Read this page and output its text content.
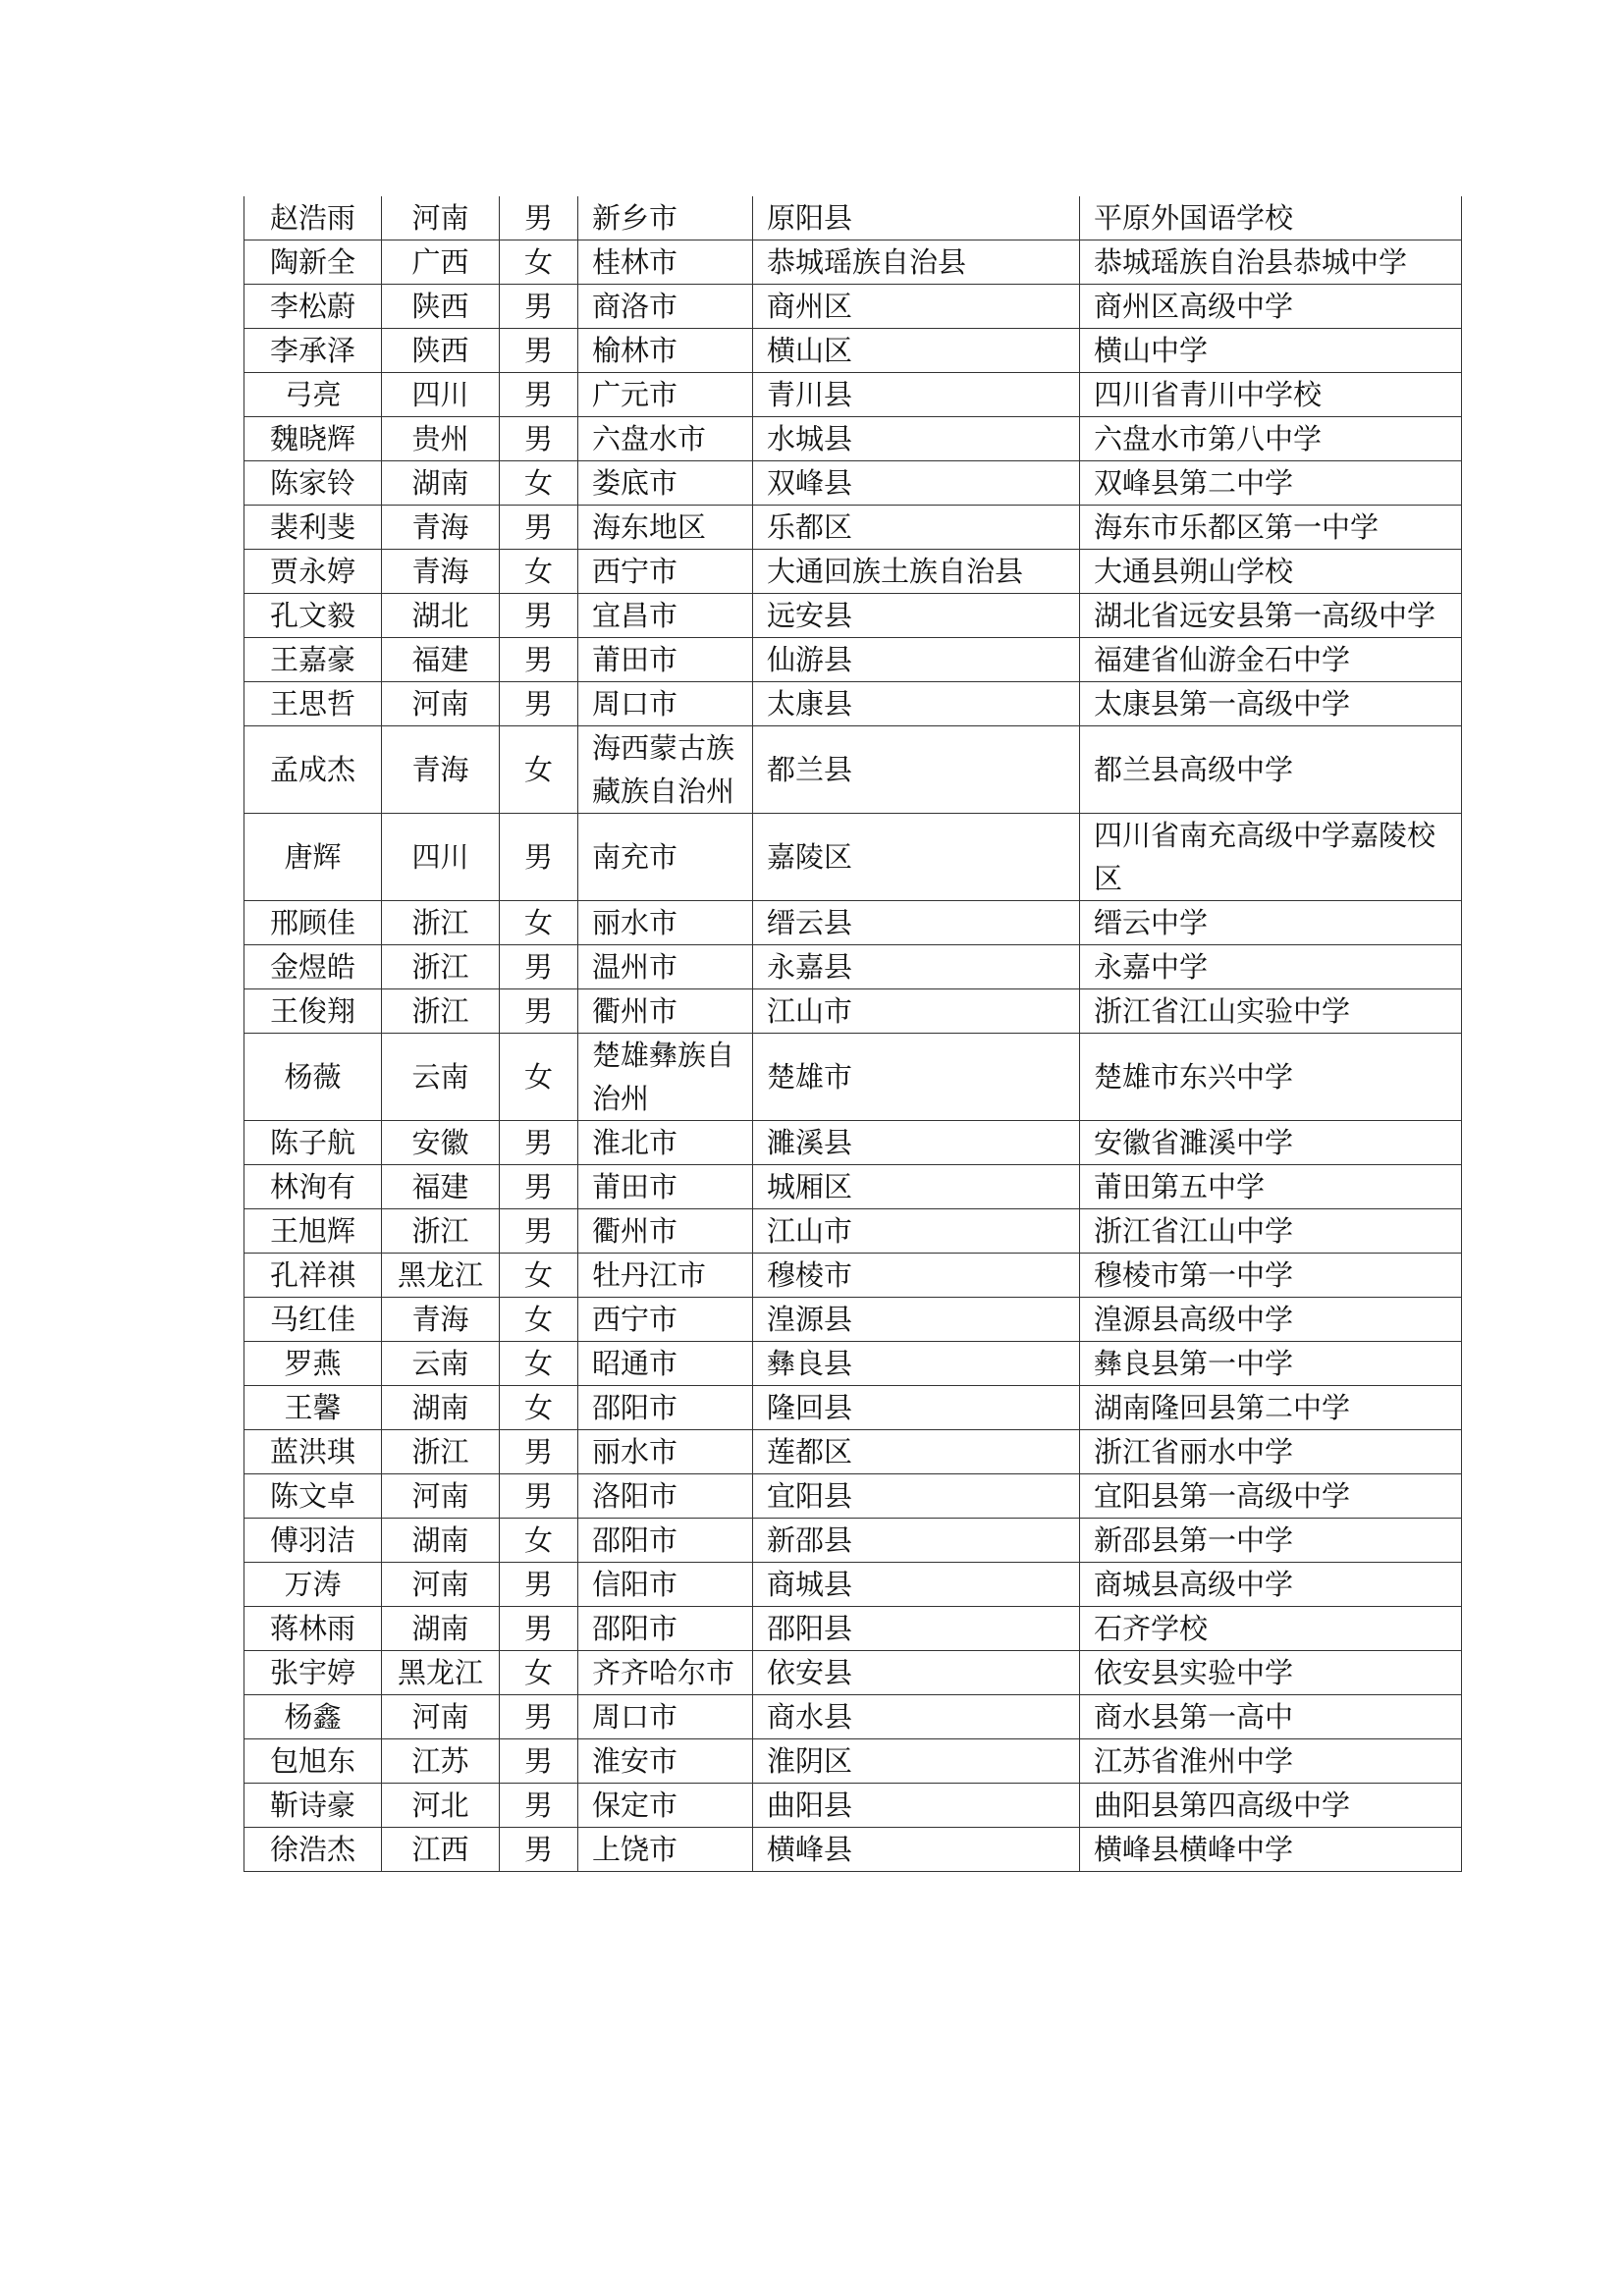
赵浩雨	河南	男	新乡市	原阳县	平原外国语学校
陶新全	广西	女	桂林市	恭城瑶族自治县	恭城瑶族自治县恭城中学
李松蔚	陕西	男	商洛市	商州区	商州区高级中学
李承泽	陕西	男	榆林市	横山区	横山中学
弓亮	四川	男	广元市	青川县	四川省青川中学校
魏晓辉	贵州	男	六盘水市	水城县	六盘水市第八中学
陈家铃	湖南	女	娄底市	双峰县	双峰县第二中学
裴利斐	青海	男	海东地区	乐都区	海东市乐都区第一中学
贾永婷	青海	女	西宁市	大通回族土族自治县	大通县朔山学校
孔文毅	湖北	男	宜昌市	远安县	湖北省远安县第一高级中学
王嘉豪	福建	男	莆田市	仙游县	福建省仙游金石中学
王思哲	河南	男	周口市	太康县	太康县第一高级中学
孟成杰	青海	女	海西蒙古族藏族自治州	都兰县	都兰县高级中学
唐辉	四川	男	南充市	嘉陵区	四川省南充高级中学嘉陵校区
邢顾佳	浙江	女	丽水市	缙云县	缙云中学
金煜皓	浙江	男	温州市	永嘉县	永嘉中学
王俊翔	浙江	男	衢州市	江山市	浙江省江山实验中学
杨薇	云南	女	楚雄彝族自治州	楚雄市	楚雄市东兴中学
陈子航	安徽	男	淮北市	濉溪县	安徽省濉溪中学
林洵有	福建	男	莆田市	城厢区	莆田第五中学
王旭辉	浙江	男	衢州市	江山市	浙江省江山中学
孔祥祺	黑龙江	女	牡丹江市	穆棱市	穆棱市第一中学
马红佳	青海	女	西宁市	湟源县	湟源县高级中学
罗燕	云南	女	昭通市	彝良县	彝良县第一中学
王馨	湖南	女	邵阳市	隆回县	湖南隆回县第二中学
蓝洪琪	浙江	男	丽水市	莲都区	浙江省丽水中学
陈文卓	河南	男	洛阳市	宜阳县	宜阳县第一高级中学
傅羽洁	湖南	女	邵阳市	新邵县	新邵县第一中学
万涛	河南	男	信阳市	商城县	商城县高级中学
蒋林雨	湖南	男	邵阳市	邵阳县	石齐学校
张宇婷	黑龙江	女	齐齐哈尔市	依安县	依安县实验中学
杨鑫	河南	男	周口市	商水县	商水县第一高中
包旭东	江苏	男	淮安市	淮阴区	江苏省淮州中学
靳诗豪	河北	男	保定市	曲阳县	曲阳县第四高级中学
徐浩杰	江西	男	上饶市	横峰县	横峰县横峰中学
